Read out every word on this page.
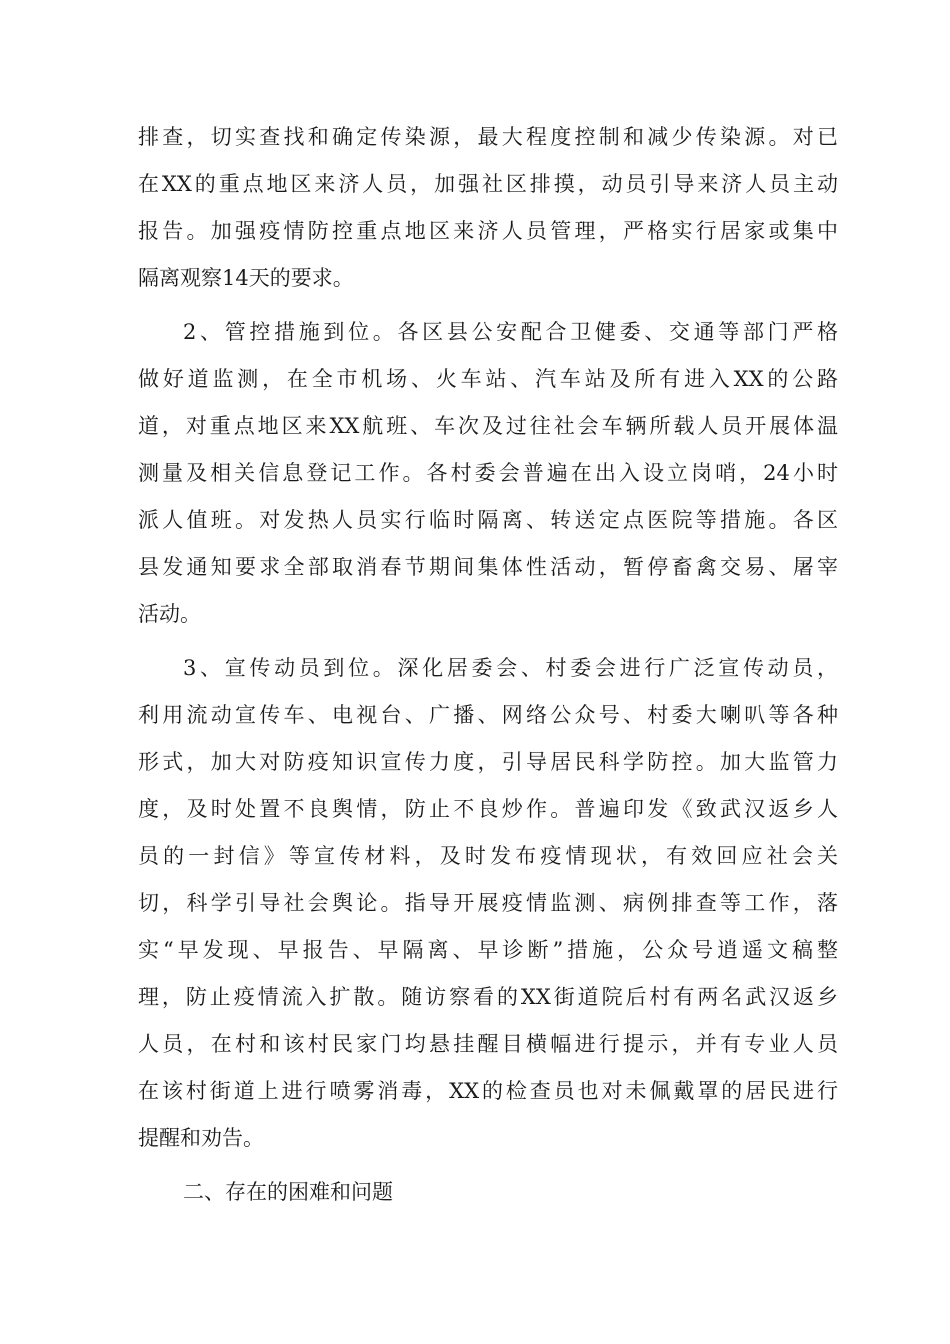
排查，切实查找和确定传染源，最大程度控制和减少传染源。对已
在XX的重点地区来济人员，加强社区排摸，动员引导来济人员主动
报告。加强疫情防控重点地区来济人员管理，严格实行居家或集中
隔离观察14天的要求。
2、管控措施到位。各区县公安配合卫健委、交通等部门严格
做好道监测，在全市机场、火车站、汽车站及所有进入XX的公路
道，对重点地区来XX航班、车次及过往社会车辆所载人员开展体温
测量及相关信息登记工作。各村委会普遍在出入设立岗哨，24小时
派人值班。对发热人员实行临时隔离、转送定点医院等措施。各区
县发通知要求全部取消春节期间集体性活动，暂停畜禽交易、屠宰
活动。
3、宣传动员到位。深化居委会、村委会进行广泛宣传动员，
利用流动宣传车、电视台、广播、网络公众号、村委大喇叭等各种
形式，加大对防疫知识宣传力度，引导居民科学防控。加大监管力
度，及时处置不良舆情，防止不良炒作。普遍印发《致武汉返乡人
员的一封信》等宣传材料，及时发布疫情现状，有效回应社会关
切，科学引导社会舆论。指导开展疫情监测、病例排查等工作，落
实“早发现、早报告、早隔离、早诊断”措施，公众号逍遥文稿整
理，防止疫情流入扩散。随访察看的XX街道院后村有两名武汉返乡
人员，在村和该村民家门均悬挂醒目横幅进行提示，并有专业人员
在该村街道上进行喷雾消毒，XX的检查员也对未佩戴罩的居民进行
提醒和劝告。
二、存在的困难和问题
